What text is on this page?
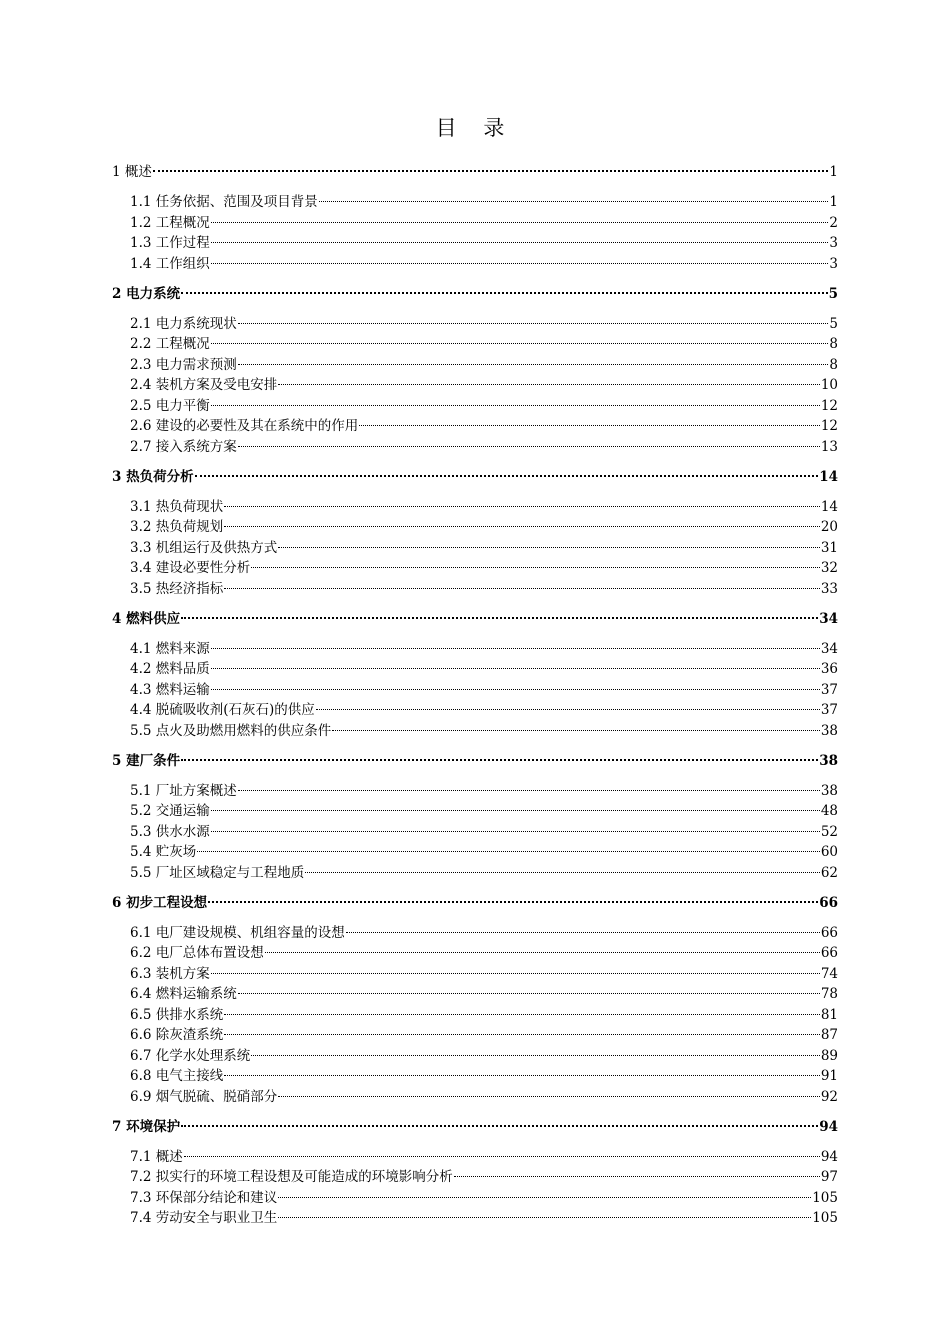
目 录
1 概述	1
1.1 任务依据、范围及项目背景	1
1.2 工程概况	2
1.3 工作过程	3
1.4 工作组织	3
2 电力系统	5
2.1 电力系统现状	5
2.2 工程概况	8
2.3 电力需求预测	8
2.4 装机方案及受电安排	10
2.5 电力平衡	12
2.6 建设的必要性及其在系统中的作用	12
2.7 接入系统方案	13
3 热负荷分析	14
3.1 热负荷现状	14
3.2 热负荷规划	20
3.3 机组运行及供热方式	31
3.4 建设必要性分析	32
3.5 热经济指标	33
4 燃料供应	34
4.1 燃料来源	34
4.2 燃料品质	36
4.3 燃料运输	37
4.4 脱硫吸收剂(石灰石)的供应	37
5.5 点火及助燃用燃料的供应条件	38
5 建厂条件	38
5.1 厂址方案概述	38
5.2 交通运输	48
5.3 供水水源	52
5.4 贮灰场	60
5.5 厂址区域稳定与工程地质	62
6 初步工程设想	66
6.1 电厂建设规模、机组容量的设想	66
6.2 电厂总体布置设想	66
6.3 装机方案	74
6.4 燃料运输系统	78
6.5 供排水系统	81
6.6 除灰渣系统	87
6.7 化学水处理系统	89
6.8 电气主接线	91
6.9 烟气脱硫、脱硝部分	92
7 环境保护	94
7.1 概述	94
7.2 拟实行的环境工程设想及可能造成的环境影响分析	97
7.3 环保部分结论和建议	105
7.4 劳动安全与职业卫生	105
